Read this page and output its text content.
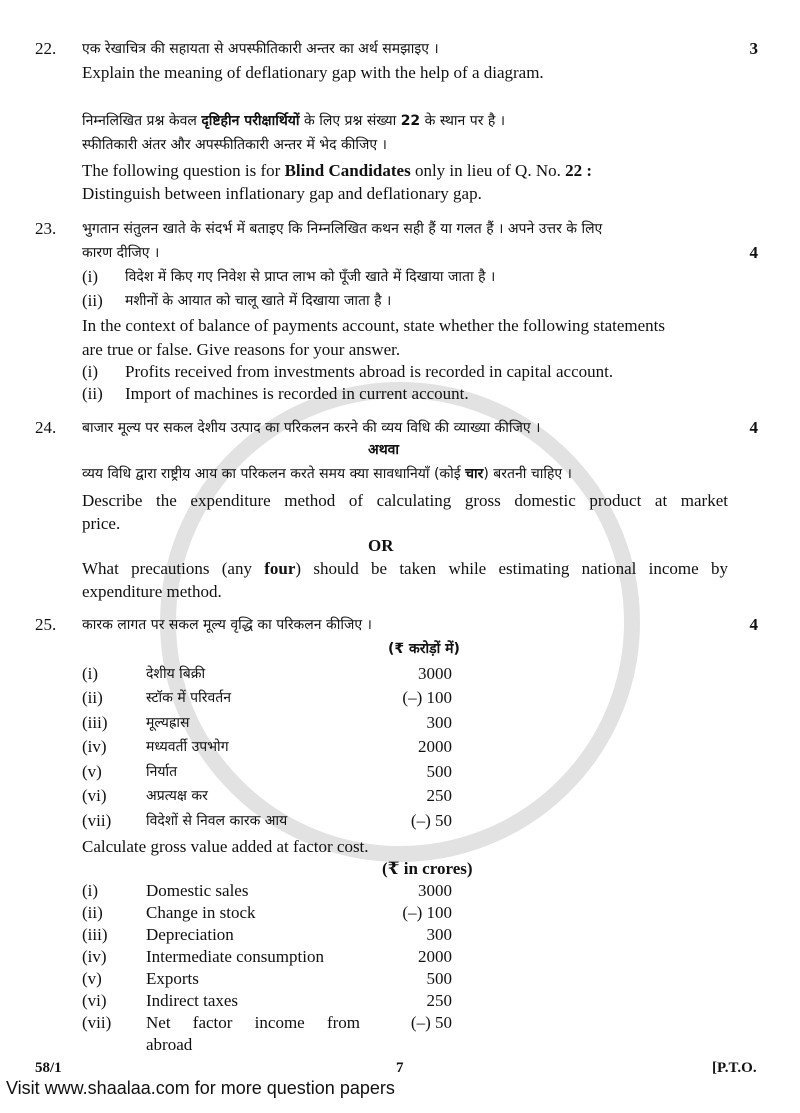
22.	एक रेखाचित्र की सहायता से अपस्फीतिकारी अन्तर का अर्थ समझाइए ।	3
Explain the meaning of deflationary gap with the help of a diagram.
निम्नलिखित प्रश्न केवल दृष्टिहीन परीक्षार्थियों के लिए प्रश्न संख्या 22 के स्थान पर है ।
स्फीतिकारी अंतर और अपस्फीतिकारी अन्तर में भेद कीजिए ।
The following question is for Blind Candidates only in lieu of Q. No. 22 :
Distinguish between inflationary gap and deflationary gap.
23.	भुगतान संतुलन खाते के संदर्भ में बताइए कि निम्नलिखित कथन सही हैं या गलत हैं । अपने उत्तर के लिए
कारण दीजिए ।	4
(i)	विदेश में किए गए निवेश से प्राप्त लाभ को पूँजी खाते में दिखाया जाता है ।
(ii)	मशीनों के आयात को चालू खाते में दिखाया जाता है ।
In the context of balance of payments account, state whether the following statements
are true or false. Give reasons for your answer.
(i)	Profits received from investments abroad is recorded in capital account.
(ii)	Import of machines is recorded in current account.
24.	बाजार मूल्य पर सकल देशीय उत्पाद का परिकलन करने की व्यय विधि की व्याख्या कीजिए ।	4
अथवा
व्यय विधि द्वारा राष्ट्रीय आय का परिकलन करते समय क्या सावधानियाँ (कोई चार) बरतनी चाहिए ।
Describe the expenditure method of calculating gross domestic product at market
price.
OR
What precautions (any four) should be taken while estimating national income by
expenditure method.
25.	कारक लागत पर सकल मूल्य वृद्धि का परिकलन कीजिए ।	4
(₹ करोड़ों में)
(i)	देशीय बिक्री	3000
(ii)	स्टॉक में परिवर्तन	(–) 100
(iii)	मूल्यह्रास	300
(iv)	मध्यवर्ती उपभोग	2000
(v)	निर्यात	500
(vi)	अप्रत्यक्ष कर	250
(vii)	विदेशों से निवल कारक आय	(–) 50
Calculate gross value added at factor cost.
(₹ in crores)
(i)	Domestic sales	3000
(ii)	Change in stock	(–) 100
(iii)	Depreciation	300
(iv)	Intermediate consumption	2000
(v)	Exports	500
(vi)	Indirect taxes	250
(vii)	Net factor income from	(–) 50
abroad
58/1	7	[P.T.O.
Visit www.shaalaa.com for more question papers
